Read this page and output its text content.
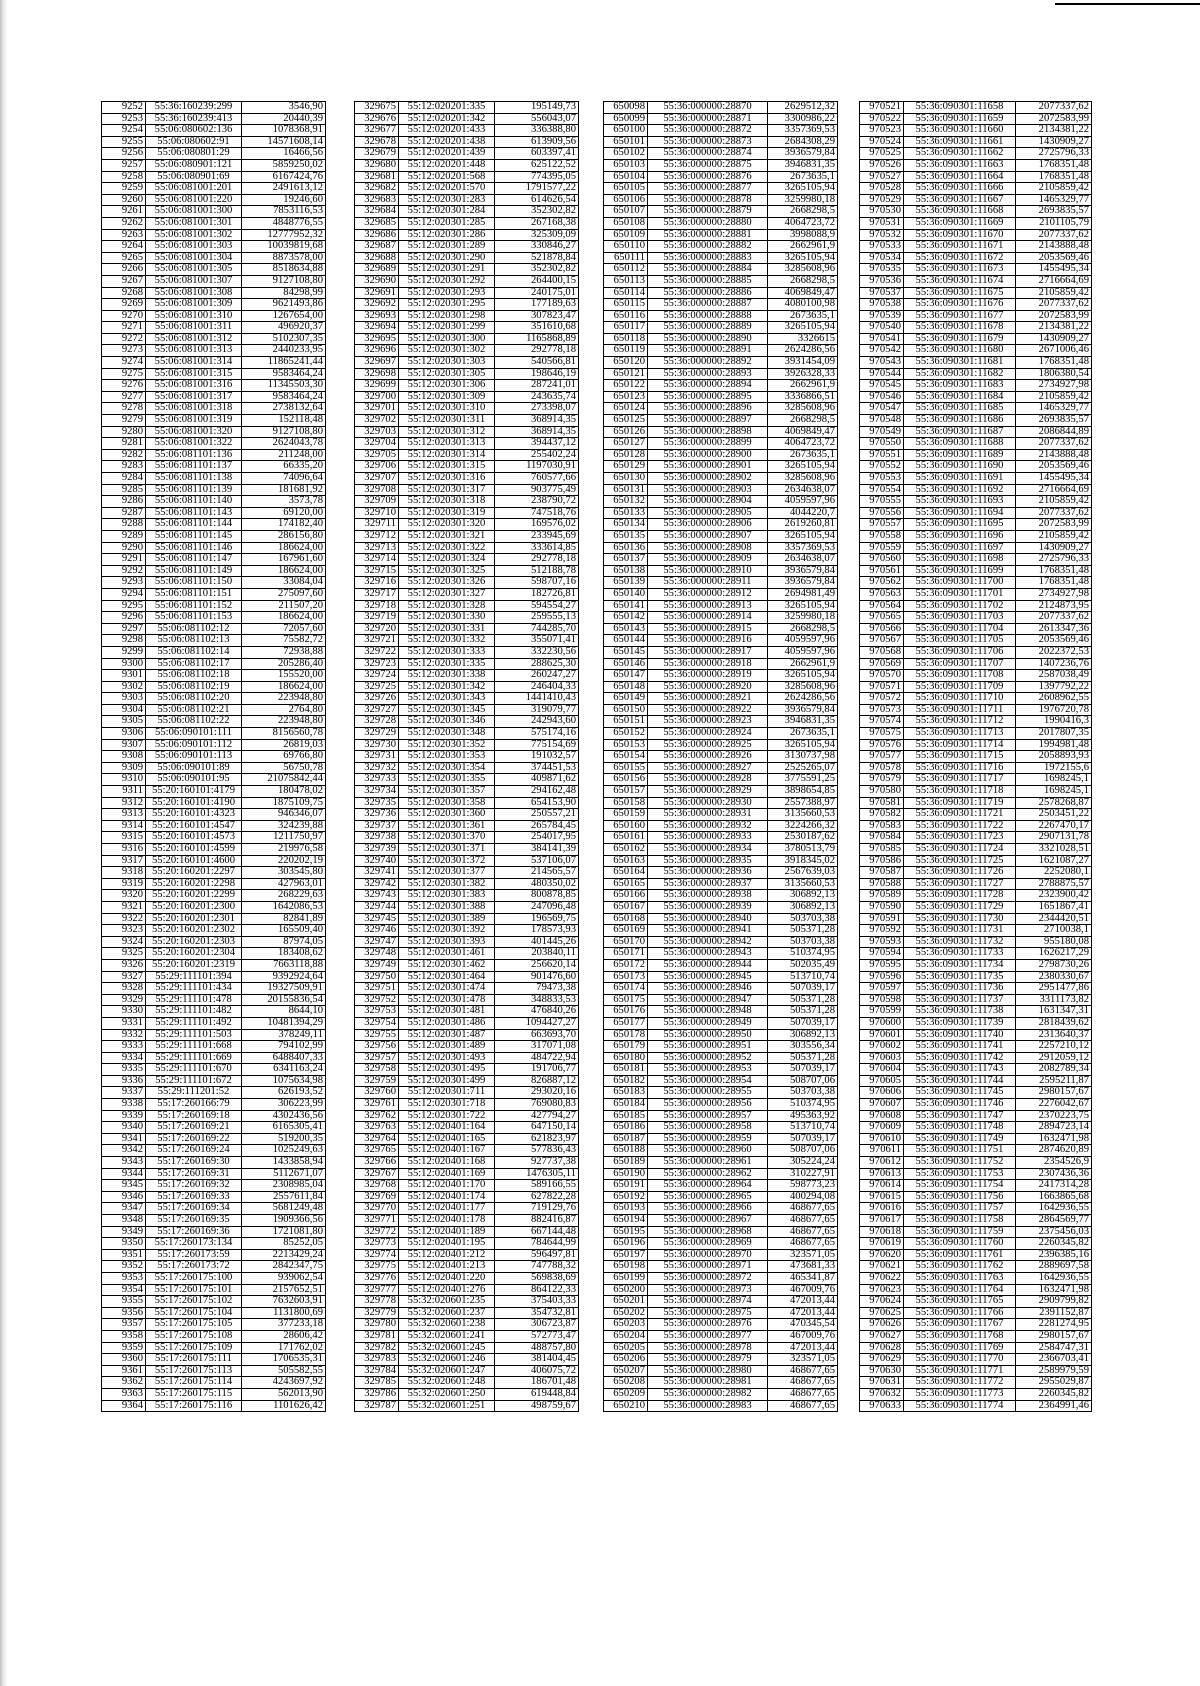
9252	55:36:160239:299	3546,90
9253	55:36:160239:413	20440,39
9254	55:06:080602:136	1078368,91
9255	55:06:080602:91	14571608,14
9256	55:06:080801:29	16466,56
9257	55:06:080901:121	5859250,02
9258	55:06:080901:69	6167424,76
9259	55:06:081001:201	2491613,12
9260	55:06:081001:220	19246,60
9261	55:06:081001:300	7853116,53
9262	55:06:081001:301	4848776,55
9263	55:06:081001:302	12777952,32
9264	55:06:081001:303	10039819,68
9265	55:06:081001:304	8873578,00
9266	55:06:081001:305	8518634,88
9267	55:06:081001:307	9127108,80
9268	55:06:081001:308	84298,99
9269	55:06:081001:309	9621493,86
9270	55:06:081001:310	1267654,00
9271	55:06:081001:311	496920,37
9272	55:06:081001:312	5102307,35
9273	55:06:081001:313	2440233,95
9274	55:06:081001:314	11865241,44
9275	55:06:081001:315	9583464,24
9276	55:06:081001:316	11345503,30
9277	55:06:081001:317	9583464,24
9278	55:06:081001:318	2738132,64
9279	55:06:081001:319	152118,48
9280	55:06:081001:320	9127108,80
9281	55:06:081001:322	2624043,78
9282	55:06:081101:136	211248,00
9283	55:06:081101:137	66335,20
9284	55:06:081101:138	74096,64
9285	55:06:081101:139	181681,92
9286	55:06:081101:140	3573,78
9287	55:06:081101:143	69120,00
9288	55:06:081101:144	174182,40
9289	55:06:081101:145	286156,80
9290	55:06:081101:146	186624,00
9291	55:06:081101:147	167961,60
9292	55:06:081101:149	186624,00
9293	55:06:081101:150	33084,04
9294	55:06:081101:151	275097,60
9295	55:06:081101:152	211507,20
9296	55:06:081101:153	186624,00
9297	55:06:081102:12	72057,60
9298	55:06:081102:13	75582,72
9299	55:06:081102:14	72938,88
9300	55:06:081102:17	205286,40
9301	55:06:081102:18	155520,00
9302	55:06:081102:19	186624,00
9303	55:06:081102:20	223948,80
9304	55:06:081102:21	2764,80
9305	55:06:081102:22	223948,80
9306	55:06:090101:111	8156560,78
9307	55:06:090101:112	26819,03
9308	55:06:090101:113	69766,80
9309	55:06:090101:89	56750,78
9310	55:06:090101:95	21075842,44
9311	55:20:160101:4179	180478,02
9312	55:20:160101:4190	1875109,75
9313	55:20:160101:4323	946346,07
9314	55:20:160101:4547	324239,88
9315	55:20:160101:4573	1211750,97
9316	55:20:160101:4599	219976,58
9317	55:20:160101:4600	220202,19
9318	55:20:160201:2297	303545,80
9319	55:20:160201:2298	427963,01
9320	55:20:160201:2299	268229,63
9321	55:20:160201:2300	1642086,53
9322	55:20:160201:2301	82841,89
9323	55:20:160201:2302	165509,40
9324	55:20:160201:2303	87974,05
9325	55:20:160201:2304	183408,62
9326	55:20:160201:2319	7663118,88
9327	55:29:111101:394	9392924,64
9328	55:29:111101:434	19327509,91
9329	55:29:111101:478	20155836,54
9330	55:29:111101:482	8644,10
9331	55:29:111101:492	10481394,29
9332	55:29:111101:503	378249,11
9333	55:29:111101:668	794102,99
9334	55:29:111101:669	6488407,33
9335	55:29:111101:670	6341163,24
9336	55:29:111101:672	1075634,98
9337	55:29:111201:52	626193,52
9338	55:17:260166:79	306223,99
9339	55:17:260169:18	4302436,56
9340	55:17:260169:21	6165305,41
9341	55:17:260169:22	519200,35
9342	55:17:260169:24	1025249,63
9343	55:17:260169:30	1433858,94
9344	55:17:260169:31	5112671,07
9345	55:17:260169:32	2308985,04
9346	55:17:260169:33	2557611,84
9347	55:17:260169:34	5681249,48
9348	55:17:260169:35	1909366,56
9349	55:17:260169:36	1721081,80
9350	55:17:260173:134	85252,05
9351	55:17:260173:59	2213429,24
9352	55:17:260173:72	2842347,75
9353	55:17:260175:100	939062,54
9354	55:17:260175:101	2157652,51
9355	55:17:260175:102	7632603,91
9356	55:17:260175:104	1131800,69
9357	55:17:260175:105	377233,18
9358	55:17:260175:108	28606,42
9359	55:17:260175:109	171762,02
9360	55:17:260175:111	1706535,31
9361	55:17:260175:113	505582,55
9362	55:17:260175:114	4243697,92
9363	55:17:260175:115	562013,90
9364	55:17:260175:116	1101626,42
329675	55:12:020201:335	195149,73
329676	55:12:020201:342	556043,07
329677	55:12:020201:433	336388,80
329678	55:12:020201:438	613909,56
329679	55:12:020201:439	603397,41
329680	55:12:020201:448	625122,52
329681	55:12:020201:568	774395,05
329682	55:12:020201:570	1791577,22
329683	55:12:020301:283	614626,54
329684	55:12:020301:284	352302,82
329685	55:12:020301:285	267168,38
329686	55:12:020301:286	325309,09
329687	55:12:020301:289	330846,27
329688	55:12:020301:290	521878,84
329689	55:12:020301:291	352302,82
329690	55:12:020301:292	264400,15
329691	55:12:020301:293	240175,01
329692	55:12:020301:295	177189,63
329693	55:12:020301:298	307823,47
329694	55:12:020301:299	351610,68
329695	55:12:020301:300	1165868,89
329696	55:12:020301:302	292778,18
329697	55:12:020301:303	540566,81
329698	55:12:020301:305	198646,19
329699	55:12:020301:306	287241,01
329700	55:12:020301:309	243635,74
329701	55:12:020301:310	273398,07
329702	55:12:020301:311	368914,35
329703	55:12:020301:312	368914,35
329704	55:12:020301:313	394437,12
329705	55:12:020301:314	255402,24
329706	55:12:020301:315	1197030,91
329707	55:12:020301:316	760577,66
329708	55:12:020301:317	903775,49
329709	55:12:020301:318	238790,72
329710	55:12:020301:319	747518,76
329711	55:12:020301:320	169576,02
329712	55:12:020301:321	233945,69
329713	55:12:020301:322	333614,85
329714	55:12:020301:324	292778,18
329715	55:12:020301:325	512188,78
329716	55:12:020301:326	598707,16
329717	55:12:020301:327	182726,81
329718	55:12:020301:328	594554,27
329719	55:12:020301:330	259555,13
329720	55:12:020301:331	744285,70
329721	55:12:020301:332	355071,41
329722	55:12:020301:333	332230,56
329723	55:12:020301:335	288625,30
329724	55:12:020301:338	260247,27
329725	55:12:020301:342	246404,33
329726	55:12:020301:343	1441410,43
329727	55:12:020301:345	319079,77
329728	55:12:020301:346	242943,60
329729	55:12:020301:348	575174,16
329730	55:12:020301:352	775154,69
329731	55:12:020301:353	191032,57
329732	55:12:020301:354	374451,53
329733	55:12:020301:355	409871,62
329734	55:12:020301:357	294162,48
329735	55:12:020301:358	654153,90
329736	55:12:020301:360	250557,21
329737	55:12:020301:361	265784,45
329738	55:12:020301:370	254017,95
329739	55:12:020301:371	384141,39
329740	55:12:020301:372	537106,07
329741	55:12:020301:377	214565,57
329742	55:12:020301:382	480350,02
329743	55:12:020301:383	800878,85
329744	55:12:020301:388	247096,48
329745	55:12:020301:389	196569,75
329746	55:12:020301:392	178573,93
329747	55:12:020301:393	401445,26
329748	55:12:020301:461	203840,11
329749	55:12:020301:462	256620,14
329750	55:12:020301:464	901476,60
329751	55:12:020301:474	79473,38
329752	55:12:020301:478	348833,53
329753	55:12:020301:481	476840,26
329754	55:12:020301:486	1094427,27
329755	55:12:020301:487	663693,70
329756	55:12:020301:489	317071,08
329757	55:12:020301:493	484722,94
329758	55:12:020301:495	191706,77
329759	55:12:020301:499	826887,12
329760	55:12:020301:711	293020,16
329761	55:12:020301:718	769080,83
329762	55:12:020301:722	427794,27
329763	55:12:020401:164	647150,14
329764	55:12:020401:165	621823,97
329765	55:12:020401:167	577836,43
329766	55:12:020401:168	927737,38
329767	55:12:020401:169	1476305,11
329768	55:12:020401:170	589166,55
329769	55:12:020401:174	627822,28
329770	55:12:020401:177	719129,76
329771	55:12:020401:178	882416,87
329772	55:12:020401:189	667144,48
329773	55:12:020401:195	784644,99
329774	55:12:020401:212	596497,81
329775	55:12:020401:213	747788,32
329776	55:12:020401:220	569838,69
329777	55:12:020401:276	864122,33
329778	55:32:020601:235	375403,33
329779	55:32:020601:237	354732,81
329780	55:32:020601:238	306723,87
329781	55:32:020601:241	572773,47
329782	55:32:020601:245	488757,80
329783	55:32:020601:246	381404,45
329784	55:32:020601:247	406075,72
329785	55:32:020601:248	186701,48
329786	55:32:020601:250	619448,84
329787	55:32:020601:251	498759,67
650098	55:36:000000:28870	2629512,32
650099	55:36:000000:28871	3300986,22
650100	55:36:000000:28872	3357369,53
650101	55:36:000000:28873	2684308,29
650102	55:36:000000:28874	3936579,84
650103	55:36:000000:28875	3946831,35
650104	55:36:000000:28876	2673635,1
650105	55:36:000000:28877	3265105,94
650106	55:36:000000:28878	3259980,18
650107	55:36:000000:28879	2668298,5
650108	55:36:000000:28880	4064723,72
650109	55:36:000000:28881	3998088,9
650110	55:36:000000:28882	2662961,9
650111	55:36:000000:28883	3265105,94
650112	55:36:000000:28884	3285608,96
650113	55:36:000000:28885	2668298,5
650114	55:36:000000:28886	4069849,47
650115	55:36:000000:28887	4080100,98
650116	55:36:000000:28888	2673635,1
650117	55:36:000000:28889	3265105,94
650118	55:36:000000:28890	3326615
650119	55:36:000000:28891	2624286,56
650120	55:36:000000:28892	3931454,09
650121	55:36:000000:28893	3926328,33
650122	55:36:000000:28894	2662961,9
650123	55:36:000000:28895	3336866,51
650124	55:36:000000:28896	3285608,96
650125	55:36:000000:28897	2668298,5
650126	55:36:000000:28898	4069849,47
650127	55:36:000000:28899	4064723,72
650128	55:36:000000:28900	2673635,1
650129	55:36:000000:28901	3265105,94
650130	55:36:000000:28902	3285608,96
650131	55:36:000000:28903	2634638,07
650132	55:36:000000:28904	4059597,96
650133	55:36:000000:28905	4044220,7
650134	55:36:000000:28906	2619260,81
650135	55:36:000000:28907	3265105,94
650136	55:36:000000:28908	3357369,53
650137	55:36:000000:28909	2634638,07
650138	55:36:000000:28910	3936579,84
650139	55:36:000000:28911	3936579,84
650140	55:36:000000:28912	2694981,49
650141	55:36:000000:28913	3265105,94
650142	55:36:000000:28914	3259980,18
650143	55:36:000000:28915	2668298,5
650144	55:36:000000:28916	4059597,96
650145	55:36:000000:28917	4059597,96
650146	55:36:000000:28918	2662961,9
650147	55:36:000000:28919	3265105,94
650148	55:36:000000:28920	3285608,96
650149	55:36:000000:28921	2624286,56
650150	55:36:000000:28922	3936579,84
650151	55:36:000000:28923	3946831,35
650152	55:36:000000:28924	2673635,1
650153	55:36:000000:28925	3265105,94
650154	55:36:000000:28926	3130737,98
650155	55:36:000000:28927	2525265,07
650156	55:36:000000:28928	3775591,25
650157	55:36:000000:28929	3898654,85
650158	55:36:000000:28930	2557388,97
650159	55:36:000000:28931	3135660,53
650160	55:36:000000:28932	3224266,32
650161	55:36:000000:28933	2530187,62
650162	55:36:000000:28934	3780513,79
650163	55:36:000000:28935	3918345,02
650164	55:36:000000:28936	2567639,03
650165	55:36:000000:28937	3135660,53
650166	55:36:000000:28938	306892,13
650167	55:36:000000:28939	306892,13
650168	55:36:000000:28940	503703,38
650169	55:36:000000:28941	505371,28
650170	55:36:000000:28942	503703,38
650171	55:36:000000:28943	510374,95
650172	55:36:000000:28944	502035,49
650173	55:36:000000:28945	513710,74
650174	55:36:000000:28946	507039,17
650175	55:36:000000:28947	505371,28
650176	55:36:000000:28948	505371,28
650177	55:36:000000:28949	507039,17
650178	55:36:000000:28950	306892,13
650179	55:36:000000:28951	303556,34
650180	55:36:000000:28952	505371,28
650181	55:36:000000:28953	507039,17
650182	55:36:000000:28954	508707,06
650183	55:36:000000:28955	503703,38
650184	55:36:000000:28956	510374,95
650185	55:36:000000:28957	495363,92
650186	55:36:000000:28958	513710,74
650187	55:36:000000:28959	507039,17
650188	55:36:000000:28960	508707,06
650189	55:36:000000:28961	305224,24
650190	55:36:000000:28962	310227,91
650191	55:36:000000:28964	598773,23
650192	55:36:000000:28965	400294,08
650193	55:36:000000:28966	468677,65
650194	55:36:000000:28967	468677,65
650195	55:36:000000:28968	468677,65
650196	55:36:000000:28969	468677,65
650197	55:36:000000:28970	323571,05
650198	55:36:000000:28971	473681,33
650199	55:36:000000:28972	465341,87
650200	55:36:000000:28973	467009,76
650201	55:36:000000:28974	472013,44
650202	55:36:000000:28975	472013,44
650203	55:36:000000:28976	470345,54
650204	55:36:000000:28977	467009,76
650205	55:36:000000:28978	472013,44
650206	55:36:000000:28979	323571,05
650207	55:36:000000:28980	468677,65
650208	55:36:000000:28981	468677,65
650209	55:36:000000:28982	468677,65
650210	55:36:000000:28983	468677,65
970521	55:36:090301:11658	2077337,62
970522	55:36:090301:11659	2072583,99
970523	55:36:090301:11660	2134381,22
970524	55:36:090301:11661	1430909,27
970525	55:36:090301:11662	2725796,33
970526	55:36:090301:11663	1768351,48
970527	55:36:090301:11664	1768351,48
970528	55:36:090301:11666	2105859,42
970529	55:36:090301:11667	1465329,77
970530	55:36:090301:11668	2693835,57
970531	55:36:090301:11669	2101105,79
970532	55:36:090301:11670	2077337,62
970533	55:36:090301:11671	2143888,48
970534	55:36:090301:11672	2053569,46
970535	55:36:090301:11673	1455495,34
970536	55:36:090301:11674	2716664,69
970537	55:36:090301:11675	2105859,42
970538	55:36:090301:11676	2077337,62
970539	55:36:090301:11677	2072583,99
970540	55:36:090301:11678	2134381,22
970541	55:36:090301:11679	1430909,27
970542	55:36:090301:11680	2671006,46
970543	55:36:090301:11681	1768351,48
970544	55:36:090301:11682	1806380,54
970545	55:36:090301:11683	2734927,98
970546	55:36:090301:11684	2105859,42
970547	55:36:090301:11685	1465329,77
970548	55:36:090301:11686	2693835,57
970549	55:36:090301:11687	2086844,89
970550	55:36:090301:11688	2077337,62
970551	55:36:090301:11689	2143888,48
970552	55:36:090301:11690	2053569,46
970553	55:36:090301:11691	1455495,34
970554	55:36:090301:11692	2716664,69
970555	55:36:090301:11693	2105859,42
970556	55:36:090301:11694	2077337,62
970557	55:36:090301:11695	2072583,99
970558	55:36:090301:11696	2105859,42
970559	55:36:090301:11697	1430909,27
970560	55:36:090301:11698	2725796,33
970561	55:36:090301:11699	1768351,48
970562	55:36:090301:11700	1768351,48
970563	55:36:090301:11701	2734927,98
970564	55:36:090301:11702	2124873,95
970565	55:36:090301:11703	2077337,62
970566	55:36:090301:11704	2613347,36
970567	55:36:090301:11705	2053569,46
970568	55:36:090301:11706	2022372,53
970569	55:36:090301:11707	1407236,76
970570	55:36:090301:11708	2587038,49
970571	55:36:090301:11709	1397792,22
970572	55:36:090301:11710	2608962,55
970573	55:36:090301:11711	1976720,78
970574	55:36:090301:11712	1990416,3
970575	55:36:090301:11713	2017807,35
970576	55:36:090301:11714	1994981,48
970577	55:36:090301:11715	2058893,93
970578	55:36:090301:11716	1972155,6
970579	55:36:090301:11717	1698245,1
970580	55:36:090301:11718	1698245,1
970581	55:36:090301:11719	2578268,87
970582	55:36:090301:11721	2503451,22
970583	55:36:090301:11722	2267470,17
970584	55:36:090301:11723	2907131,78
970585	55:36:090301:11724	3321028,51
970586	55:36:090301:11725	1621087,27
970587	55:36:090301:11726	2252080,1
970588	55:36:090301:11727	2788875,57
970589	55:36:090301:11728	2323900,42
970590	55:36:090301:11729	1651867,41
970591	55:36:090301:11730	2344420,51
970592	55:36:090301:11731	2710038,1
970593	55:36:090301:11732	955180,08
970594	55:36:090301:11733	1626217,29
970595	55:36:090301:11734	2798730,26
970596	55:36:090301:11735	2380330,67
970597	55:36:090301:11736	2951477,86
970598	55:36:090301:11737	3311173,82
970599	55:36:090301:11738	1631347,31
970600	55:36:090301:11739	2818439,62
970601	55:36:090301:11740	2313640,37
970602	55:36:090301:11741	2257210,12
970603	55:36:090301:11742	2912059,12
970604	55:36:090301:11743	2082789,34
970605	55:36:090301:11744	2595211,87
970606	55:36:090301:11745	2980157,67
970607	55:36:090301:11746	2276042,67
970608	55:36:090301:11747	2370223,75
970609	55:36:090301:11748	2894723,14
970610	55:36:090301:11749	1632471,98
970611	55:36:090301:11751	2874620,89
970612	55:36:090301:11752	2354526,9
970613	55:36:090301:11753	2307436,36
970614	55:36:090301:11754	2417314,28
970615	55:36:090301:11756	1663865,68
970616	55:36:090301:11757	1642936,55
970617	55:36:090301:11758	2864569,77
970618	55:36:090301:11759	2375456,03
970619	55:36:090301:11760	2260345,82
970620	55:36:090301:11761	2396385,16
970621	55:36:090301:11762	2889697,58
970622	55:36:090301:11763	1642936,55
970623	55:36:090301:11764	1632471,98
970624	55:36:090301:11765	2909799,82
970625	55:36:090301:11766	2391152,87
970626	55:36:090301:11767	2281274,95
970627	55:36:090301:11768	2980157,67
970628	55:36:090301:11769	2584747,31
970629	55:36:090301:11770	2366703,41
970630	55:36:090301:11771	2589979,59
970631	55:36:090301:11772	2955029,87
970632	55:36:090301:11773	2260345,82
970633	55:36:090301:11774	2364991,46
